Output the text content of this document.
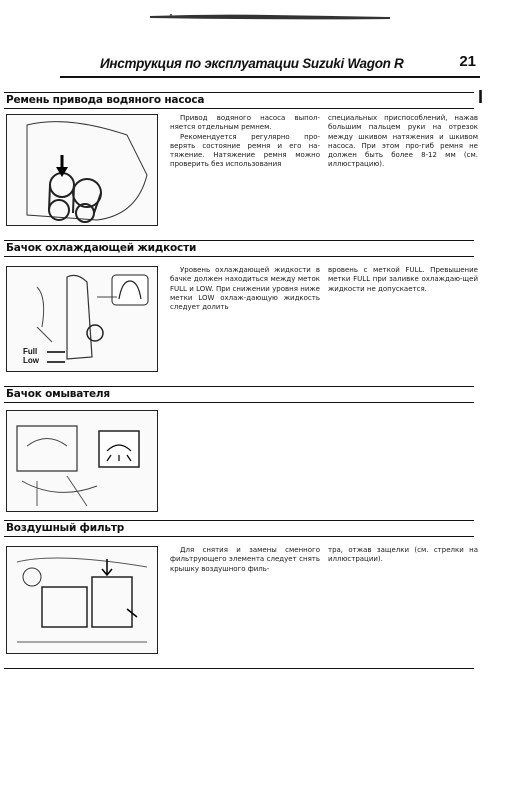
Инструкция по эксплуатации Suzuki Wagon R	21
I
Ремень привода водяного насоса

Привод водяного насоса выпол-няется отдельным ремнем.

Рекомендуется регулярно про-верять состояние ремня и его на-тяжение. Натяжение ремня можно проверить без использования

специальных приспособлений, нажав большим пальцем руки на отрезок между шкивом натяжения и шкивом насоса. При этом про-гиб ремня не должен быть более 8-12 мм (см. иллюстрацию).

Бачок охлаждающей жидкости
Full
Low

Уровень охлаждающей жидкости в бачке должен находиться между меток FULL и LOW. При снижении уровня ниже метки LOW охлаж-дающую жидкость следует долить

вровень с меткой FULL. Превышение метки FULL при заливке охлаждаю-щей жидкости не допускается.

Бачок омывателя
Воздушный фильтр

Для снятия и замены сменного фильтрующего элемента следует снять крышку воздушного филь-

тра, отжав защелки (см. стрелки на иллюстрации).
